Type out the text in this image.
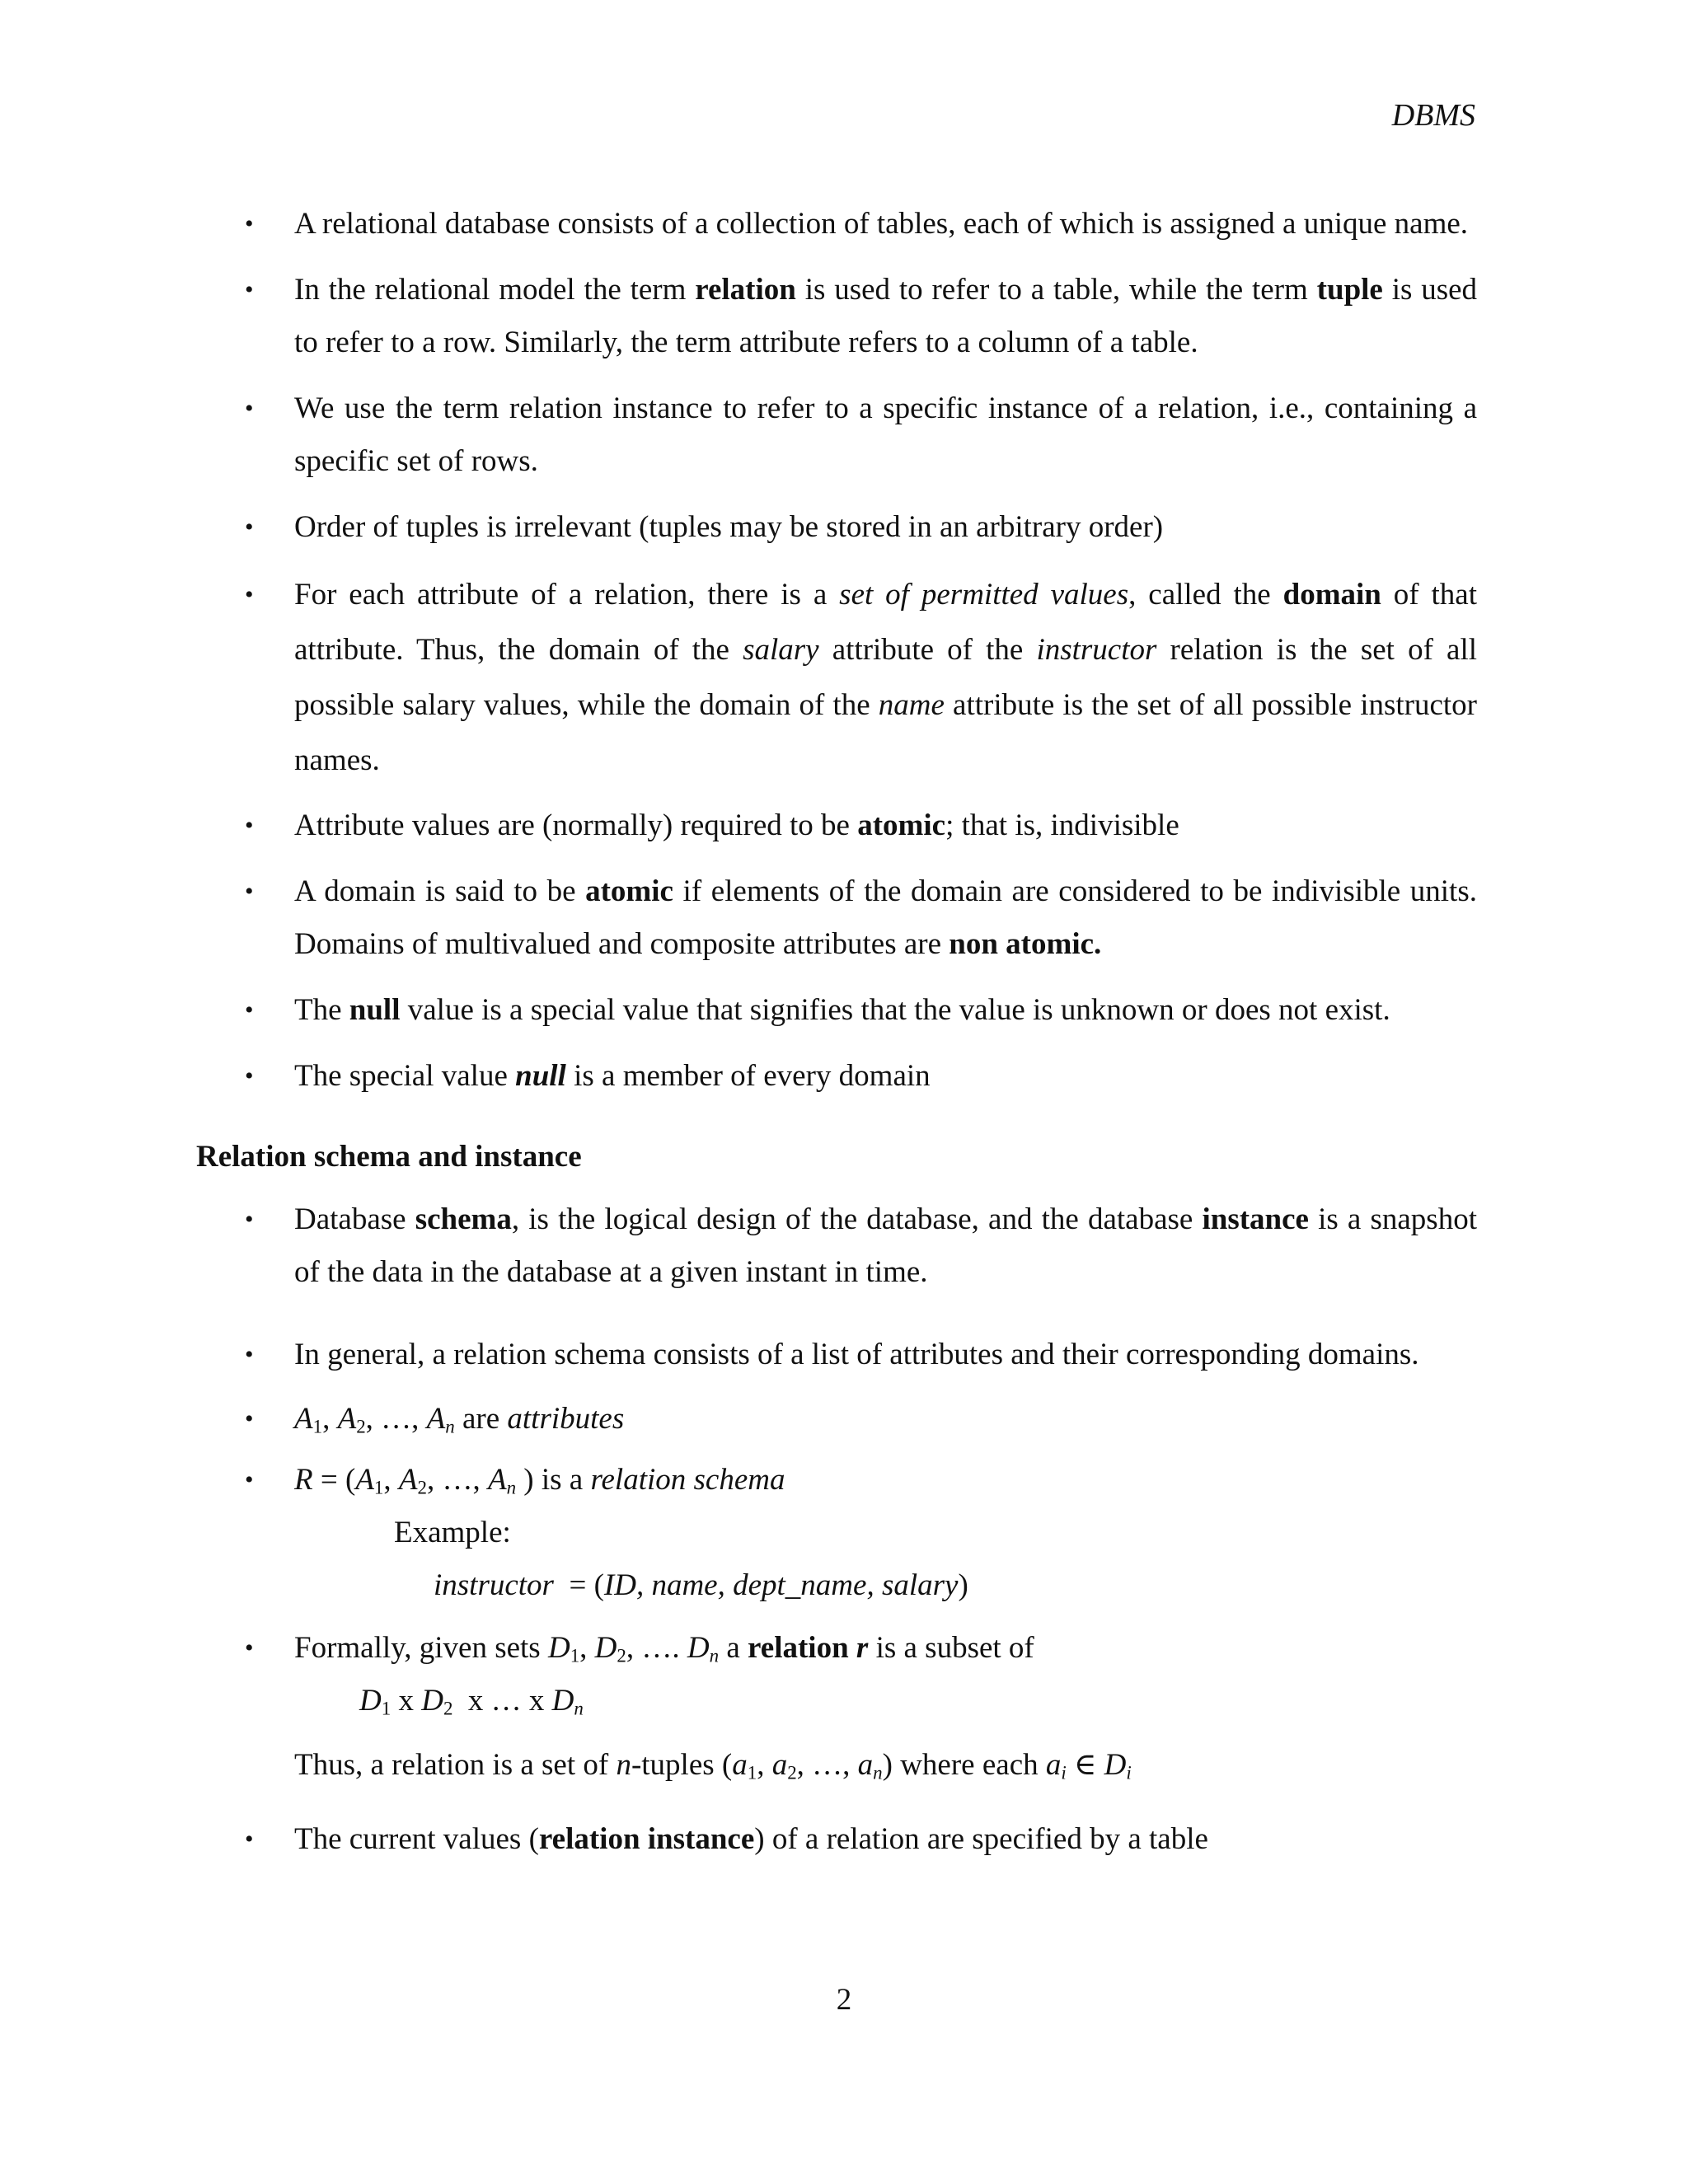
DBMS
• A relational database consists of a collection of tables, each of which is assigned a unique name.
• In the relational model the term relation is used to refer to a table, while the term tuple is used to refer to a row. Similarly, the term attribute refers to a column of a table.
• We use the term relation instance to refer to a specific instance of a relation, i.e., containing a specific set of rows.
• Order of tuples is irrelevant (tuples may be stored in an arbitrary order)
• For each attribute of a relation, there is a set of permitted values, called the domain of that attribute. Thus, the domain of the salary attribute of the instructor relation is the set of all possible salary values, while the domain of the name attribute is the set of all possible instructor names.
• Attribute values are (normally) required to be atomic; that is, indivisible
• A domain is said to be atomic if elements of the domain are considered to be indivisible units. Domains of multivalued and composite attributes are non atomic.
• The null value is a special value that signifies that the value is unknown or does not exist.
• The special value null is a member of every domain
Relation schema and instance
• Database schema, is the logical design of the database, and the database instance is a snapshot of the data in the database at a given instant in time.
• In general, a relation schema consists of a list of attributes and their corresponding domains.
• $A_1$, $A_2$, …, $A_n$ are attributes
• $R = (A_1$, $A_2$, …, $A_n$ ) is a relation schema
Example:
instructor = (ID, name, dept_name, salary)
• Formally, given sets $D_1$, $D_2$, …. $D_n$ a relation r is a subset of
$D_1$ x $D_2$  x … x $D_n$
Thus, a relation is a set of n-tuples ($a_1$, $a_2$, …, $a_n$) where each $a_i$ ∈ $D_i$
• The current values (relation instance) of a relation are specified by a table
2
